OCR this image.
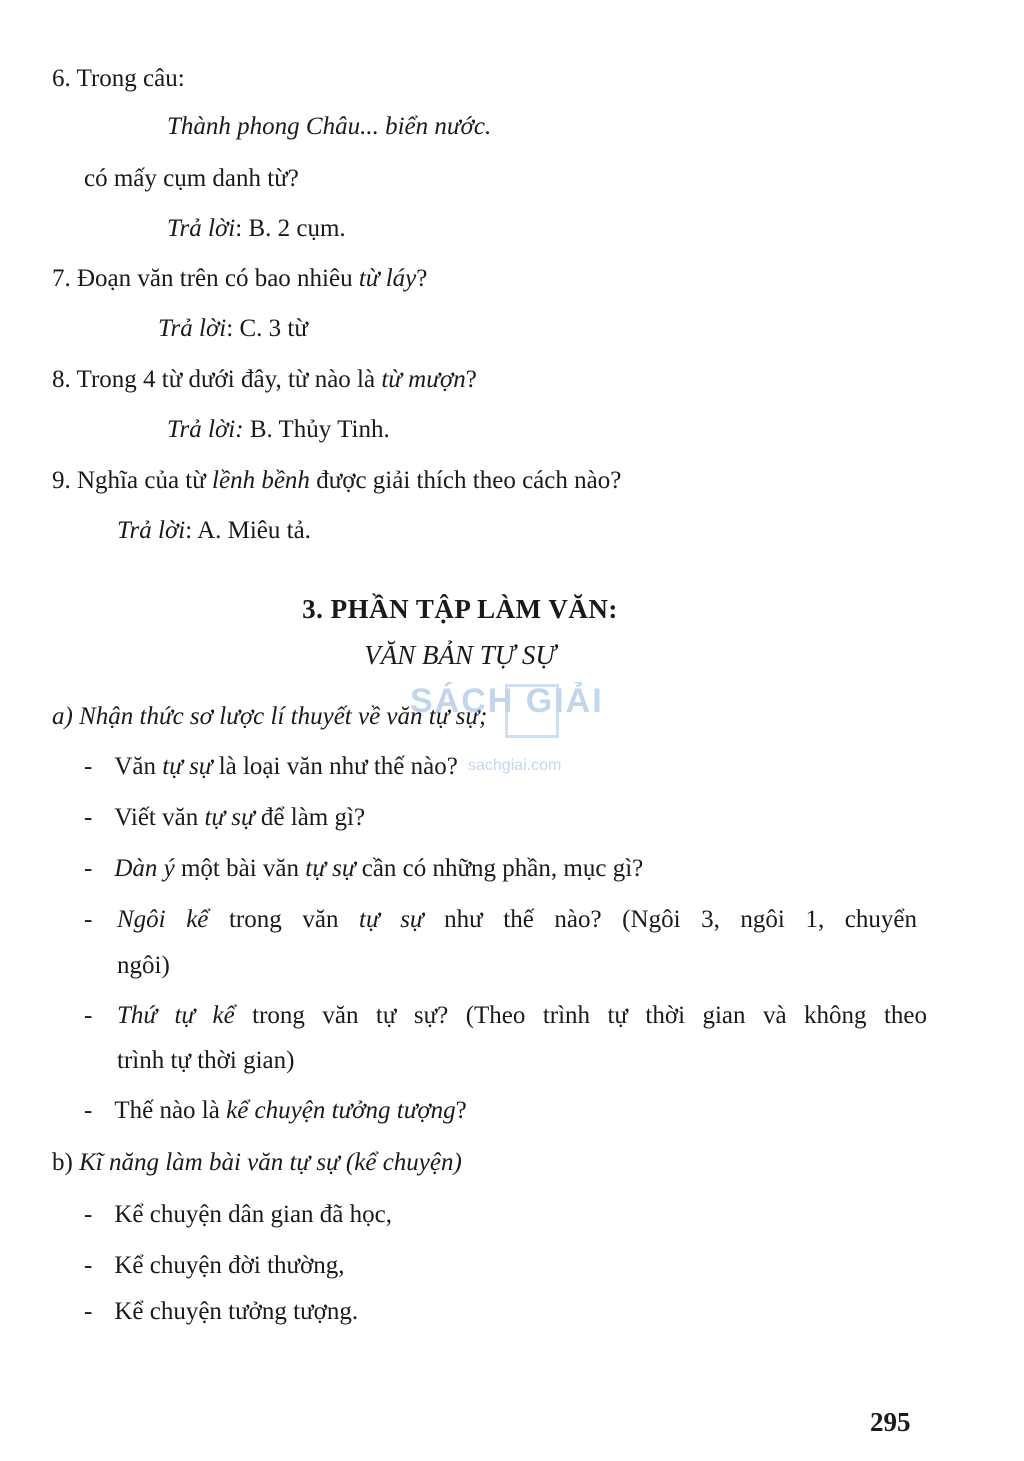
6. Trong câu:
Thành phong Châu... biển nước.
có mấy cụm danh từ?
Trả lời: B. 2 cụm.
7. Đoạn văn trên có bao nhiêu từ láy?
Trả lời: C. 3 từ
8. Trong 4 từ dưới đây, từ nào là từ mượn?
Trả lời: B. Thủy Tinh.
9. Nghĩa của từ lềnh bềnh được giải thích theo cách nào?
Trả lời: A. Miêu tả.
3. PHẦN TẬP LÀM VĂN:
VĂN BẢN TỰ SỰ
a) Nhận thức sơ lược lí thuyết về văn tự sự;
- Văn tự sự là loại văn như thế nào?
- Viết văn tự sự để làm gì?
- Dàn ý một bài văn tự sự cần có những phần, mục gì?
- Ngôi kể trong văn tự sự như thế nào? (Ngôi 3, ngôi 1, chuyển
ngôi)
- Thứ tự kể trong văn tự sự? (Theo trình tự thời gian và không theo
trình tự thời gian)
- Thế nào là kể chuyện tưởng tượng?
b) Kĩ năng làm bài văn tự sự (kể chuyện)
- Kể chuyện dân gian đã học,
- Kể chuyện đời thường,
- Kể chuyện tưởng tượng.
SÁCH GIẢI
sachgiai.com
295
